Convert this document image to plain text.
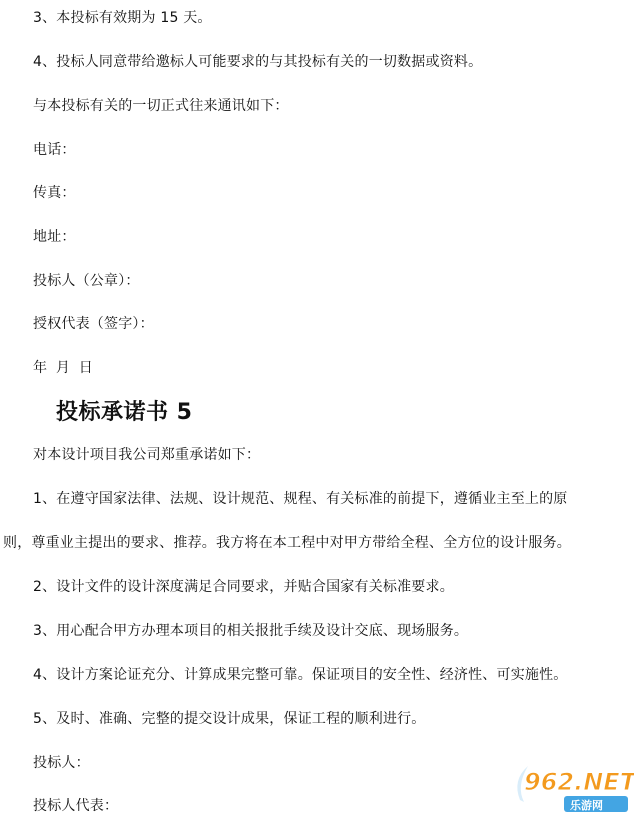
3、本投标有效期为 15 天。
4、投标人同意带给邀标人可能要求的与其投标有关的一切数据或资料。
与本投标有关的一切正式往来通讯如下：
电话：
传真：
地址：
投标人（公章）：
授权代表（签字）：
年 月 日
投标承诺书 5
对本设计项目我公司郑重承诺如下：
1、在遵守国家法律、法规、设计规范、规程、有关标准的前提下，遵循业主至上的原
则，尊重业主提出的要求、推荐。我方将在本工程中对甲方带给全程、全方位的设计服务。
2、设计文件的设计深度满足合同要求，并贴合国家有关标准要求。
3、用心配合甲方办理本项目的相关报批手续及设计交底、现场服务。
4、设计方案论证充分、计算成果完整可靠。保证项目的安全性、经济性、可实施性。
5、及时、准确、完整的提交设计成果，保证工程的顺利进行。
投标人：
投标人代表：
962.NET
乐游网
